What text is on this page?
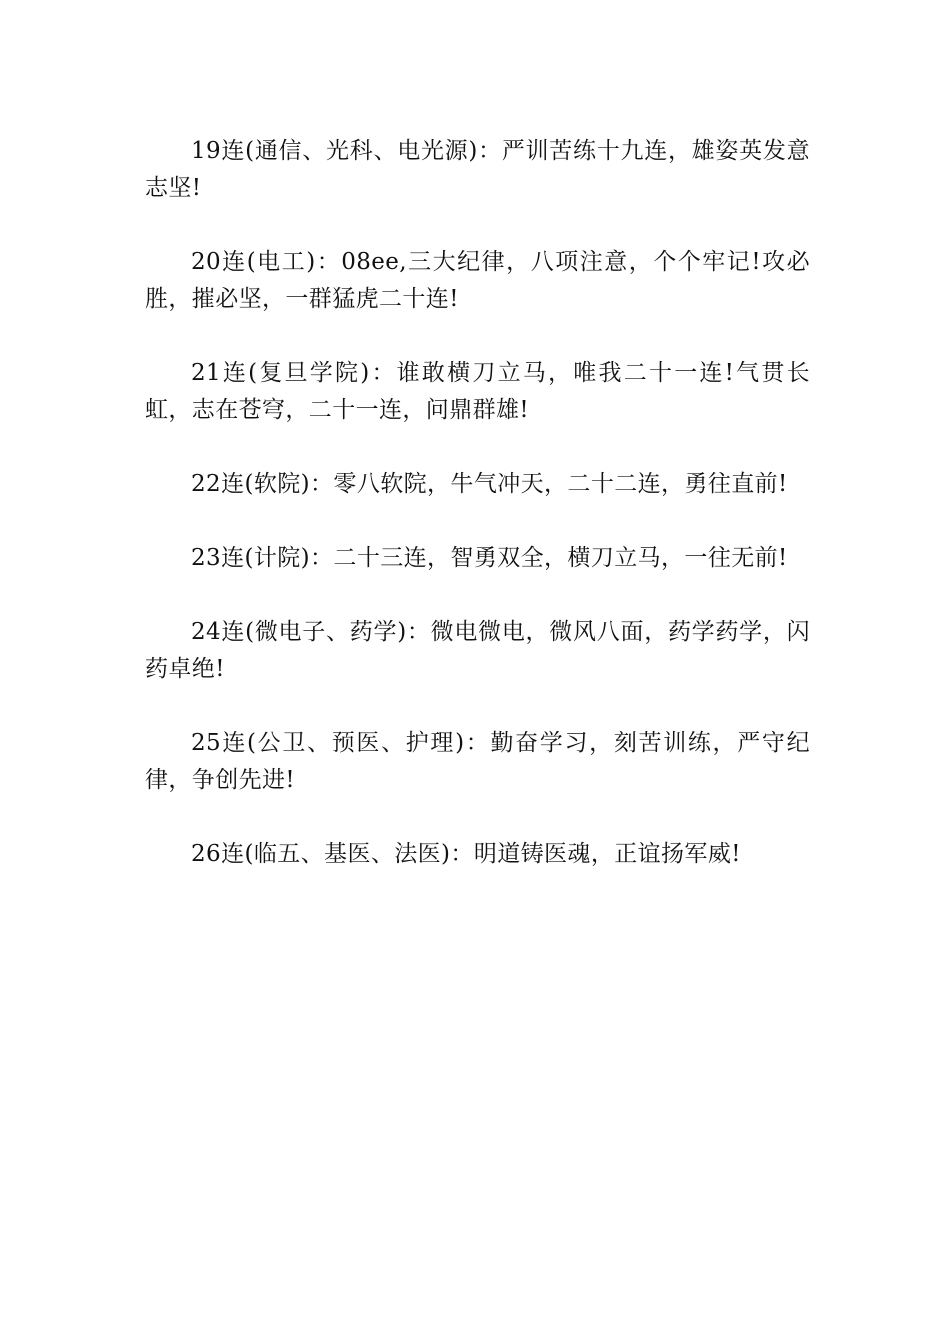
19连(通信、光科、电光源)：严训苦练十九连，雄姿英发意志坚!

20连(电工)：08ee,三大纪律，八项注意，个个牢记!攻必胜，摧必坚，一群猛虎二十连!

21连(复旦学院)：谁敢横刀立马，唯我二十一连!气贯长虹，志在苍穹，二十一连，问鼎群雄!

22连(软院)：零八软院，牛气冲天，二十二连，勇往直前!

23连(计院)：二十三连，智勇双全，横刀立马，一往无前!

24连(微电子、药学)：微电微电，微风八面，药学药学，闪药卓绝!

25连(公卫、预医、护理)：勤奋学习，刻苦训练，严守纪律，争创先进!

26连(临五、基医、法医)：明道铸医魂，正谊扬军威!
